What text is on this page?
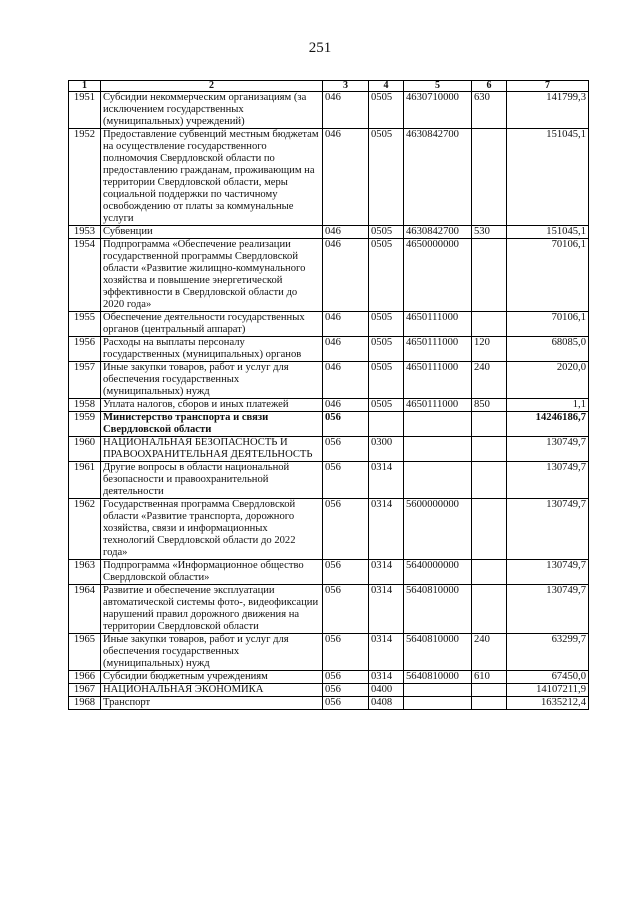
251
1	2	3	4	5	6	7
1951	Субсидии некоммерческим организациям (за исключением государственных (муниципальных) учреждений)	046	0505	4630710000	630	141799,3
1952	Предоставление субвенций местным бюджетам на осуществление государственного полномочия Свердловской области по предоставлению гражданам, проживающим на территории Свердловской области, меры социальной поддержки по частичному освобождению от платы за коммунальные услуги	046	0505	4630842700		151045,1
1953	Субвенции	046	0505	4630842700	530	151045,1
1954	Подпрограмма «Обеспечение реализации государственной программы Свердловской области «Развитие жилищно-коммунального хозяйства и повышение энергетической эффективности в Свердловской области до 2020 года»	046	0505	4650000000		70106,1
1955	Обеспечение деятельности государственных органов (центральный аппарат)	046	0505	4650111000		70106,1
1956	Расходы на выплаты персоналу государственных (муниципальных) органов	046	0505	4650111000	120	68085,0
1957	Иные закупки товаров, работ и услуг для обеспечения государственных (муниципальных) нужд	046	0505	4650111000	240	2020,0
1958	Уплата налогов, сборов и иных платежей	046	0505	4650111000	850	1,1
1959	Министерство транспорта и связи Свердловской области	056				14246186,7
1960	НАЦИОНАЛЬНАЯ БЕЗОПАСНОСТЬ И ПРАВООХРАНИТЕЛЬНАЯ ДЕЯТЕЛЬНОСТЬ	056	0300			130749,7
1961	Другие вопросы в области национальной безопасности и правоохранительной деятельности	056	0314			130749,7
1962	Государственная программа Свердловской области «Развитие транспорта, дорожного хозяйства, связи и информационных технологий Свердловской области до 2022 года»	056	0314	5600000000		130749,7
1963	Подпрограмма «Информационное общество Свердловской области»	056	0314	5640000000		130749,7
1964	Развитие и обеспечение эксплуатации автоматической системы фото-, видеофиксации нарушений правил дорожного движения на территории Свердловской области	056	0314	5640810000		130749,7
1965	Иные закупки товаров, работ и услуг для обеспечения государственных (муниципальных) нужд	056	0314	5640810000	240	63299,7
1966	Субсидии бюджетным учреждениям	056	0314	5640810000	610	67450,0
1967	НАЦИОНАЛЬНАЯ ЭКОНОМИКА	056	0400			14107211,9
1968	Транспорт	056	0408			1635212,4
